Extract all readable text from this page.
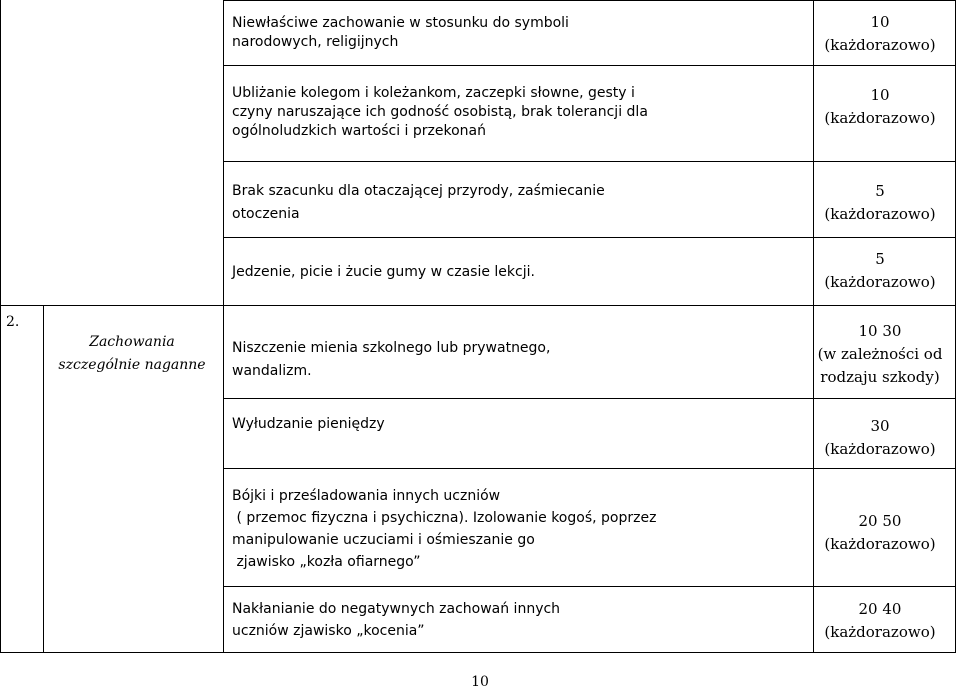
2.
Zachowania
szczególnie naganne
Niewłaściwe zachowanie w stosunku do symboli
narodowych, religijnych
10
(każdorazowo)
Ubliżanie kolegom i koleżankom, zaczepki słowne, gesty i
czyny naruszające ich godność osobistą, brak tolerancji dla
ogólnoludzkich wartości i przekonań
10
(każdorazowo)
Brak szacunku dla otaczającej przyrody, zaśmiecanie
otoczenia
5
(każdorazowo)
Jedzenie, picie i żucie gumy w czasie lekcji.
5
(każdorazowo)
Niszczenie mienia szkolnego lub prywatnego,
wandalizm.
10 30
(w zależności od
rodzaju szkody)
Wyłudzanie pieniędzy	30
(każdorazowo)
Bójki i prześladowania innych uczniów
( przemoc fizyczna i psychiczna). Izolowanie kogoś, poprzez
manipulowanie uczuciami i ośmieszanie go
zjawisko „kozła ofiarnego”
20 50
(każdorazowo)
Nakłanianie do negatywnych zachowań innych
uczniów zjawisko „kocenia”
20 40
(każdorazowo)
10
